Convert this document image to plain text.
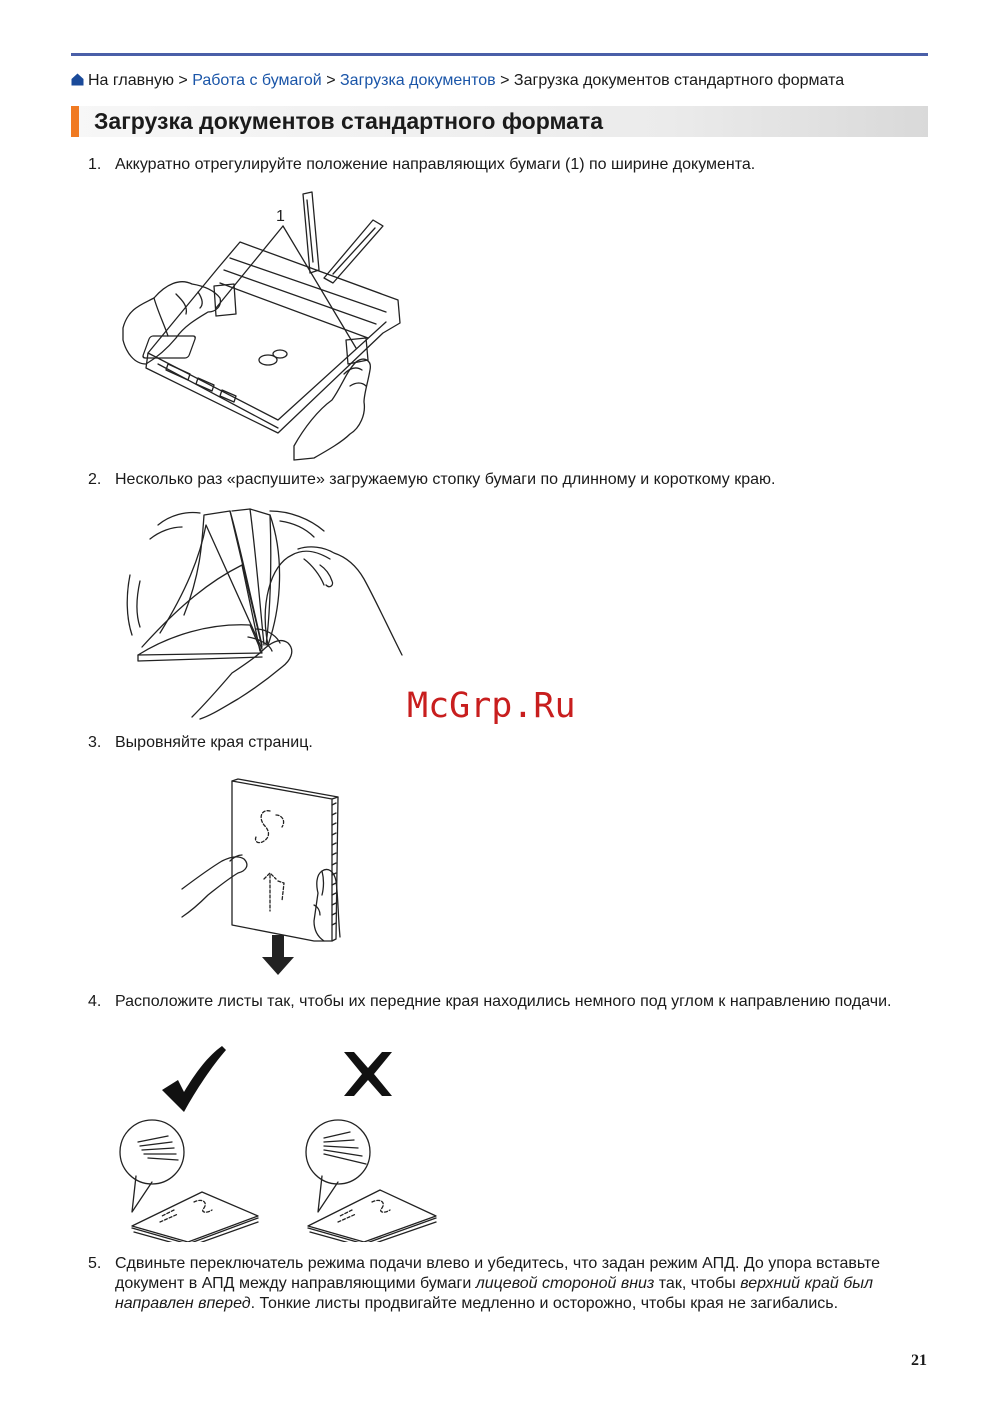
На главную > Работа с бумагой > Загрузка документов > Загрузка документов стандартного формата
Загрузка документов стандартного формата
1. Аккуратно отрегулируйте положение направляющих бумаги (1) по ширине документа.
1
2. Несколько раз «распушите» загружаемую стопку бумаги по длинному и короткому краю.
McGrp.Ru
3. Выровняйте края страниц.
4. Расположите листы так, чтобы их передние края находились немного под углом к направлению подачи.
5. Сдвиньте переключатель режима подачи влево и убедитесь, что задан режим АПД. До упора вставьте документ в АПД между направляющими бумаги лицевой стороной вниз так, чтобы верхний край был направлен вперед. Тонкие листы продвигайте медленно и осторожно, чтобы края не загибались.
21
